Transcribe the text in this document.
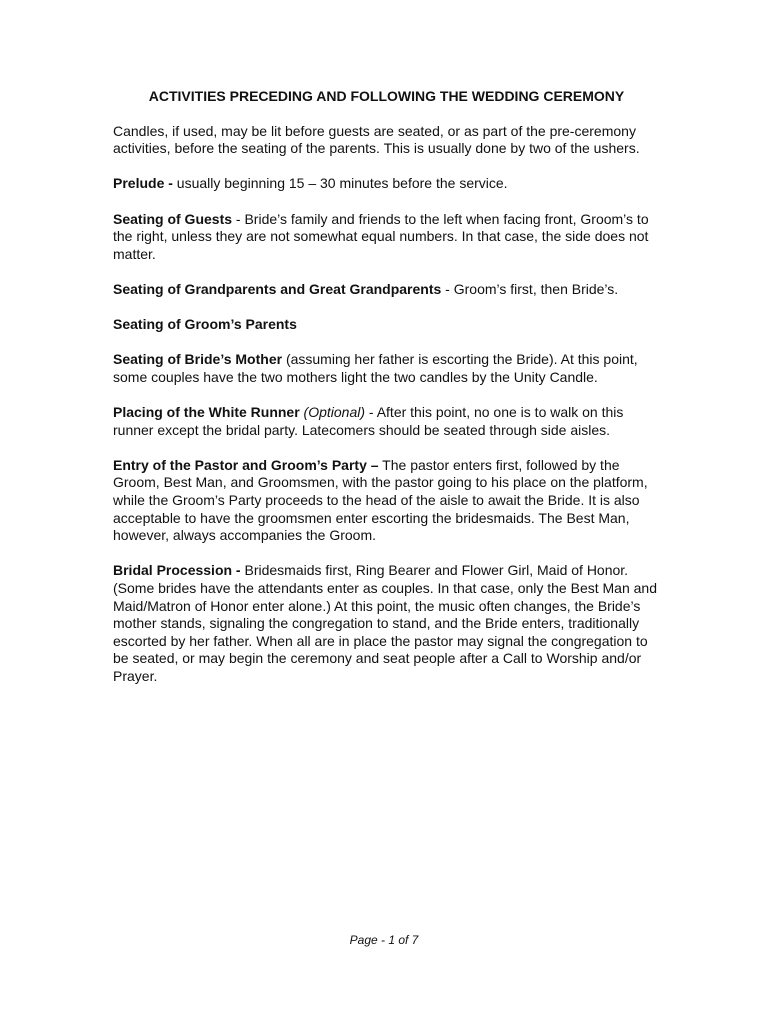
ACTIVITIES PRECEDING AND FOLLOWING THE WEDDING CEREMONY

Candles, if used, may be lit before guests are seated, or as part of the pre-ceremony activities, before the seating of the parents. This is usually done by two of the ushers.

Prelude - usually beginning 15 – 30 minutes before the service.

Seating of Guests - Bride’s family and friends to the left when facing front, Groom’s to the right, unless they are not somewhat equal numbers. In that case, the side does not matter.

Seating of Grandparents and Great Grandparents - Groom’s first, then Bride’s.

Seating of Groom’s Parents

Seating of Bride’s Mother (assuming her father is escorting the Bride). At this point, some couples have the two mothers light the two candles by the Unity Candle.

Placing of the White Runner (Optional) - After this point, no one is to walk on this runner except the bridal party. Latecomers should be seated through side aisles.

Entry of the Pastor and Groom’s Party – The pastor enters first, followed by the Groom, Best Man, and Groomsmen, with the pastor going to his place on the platform, while the Groom’s Party proceeds to the head of the aisle to await the Bride. It is also acceptable to have the groomsmen enter escorting the bridesmaids. The Best Man, however, always accompanies the Groom.

Bridal Procession - Bridesmaids first, Ring Bearer and Flower Girl, Maid of Honor. (Some brides have the attendants enter as couples. In that case, only the Best Man and Maid/Matron of Honor enter alone.) At this point, the music often changes, the Bride’s mother stands, signaling the congregation to stand, and the Bride enters, traditionally escorted by her father. When all are in place the pastor may signal the congregation to be seated, or may begin the ceremony and seat people after a Call to Worship and/or Prayer.

Page - 1 of 7
